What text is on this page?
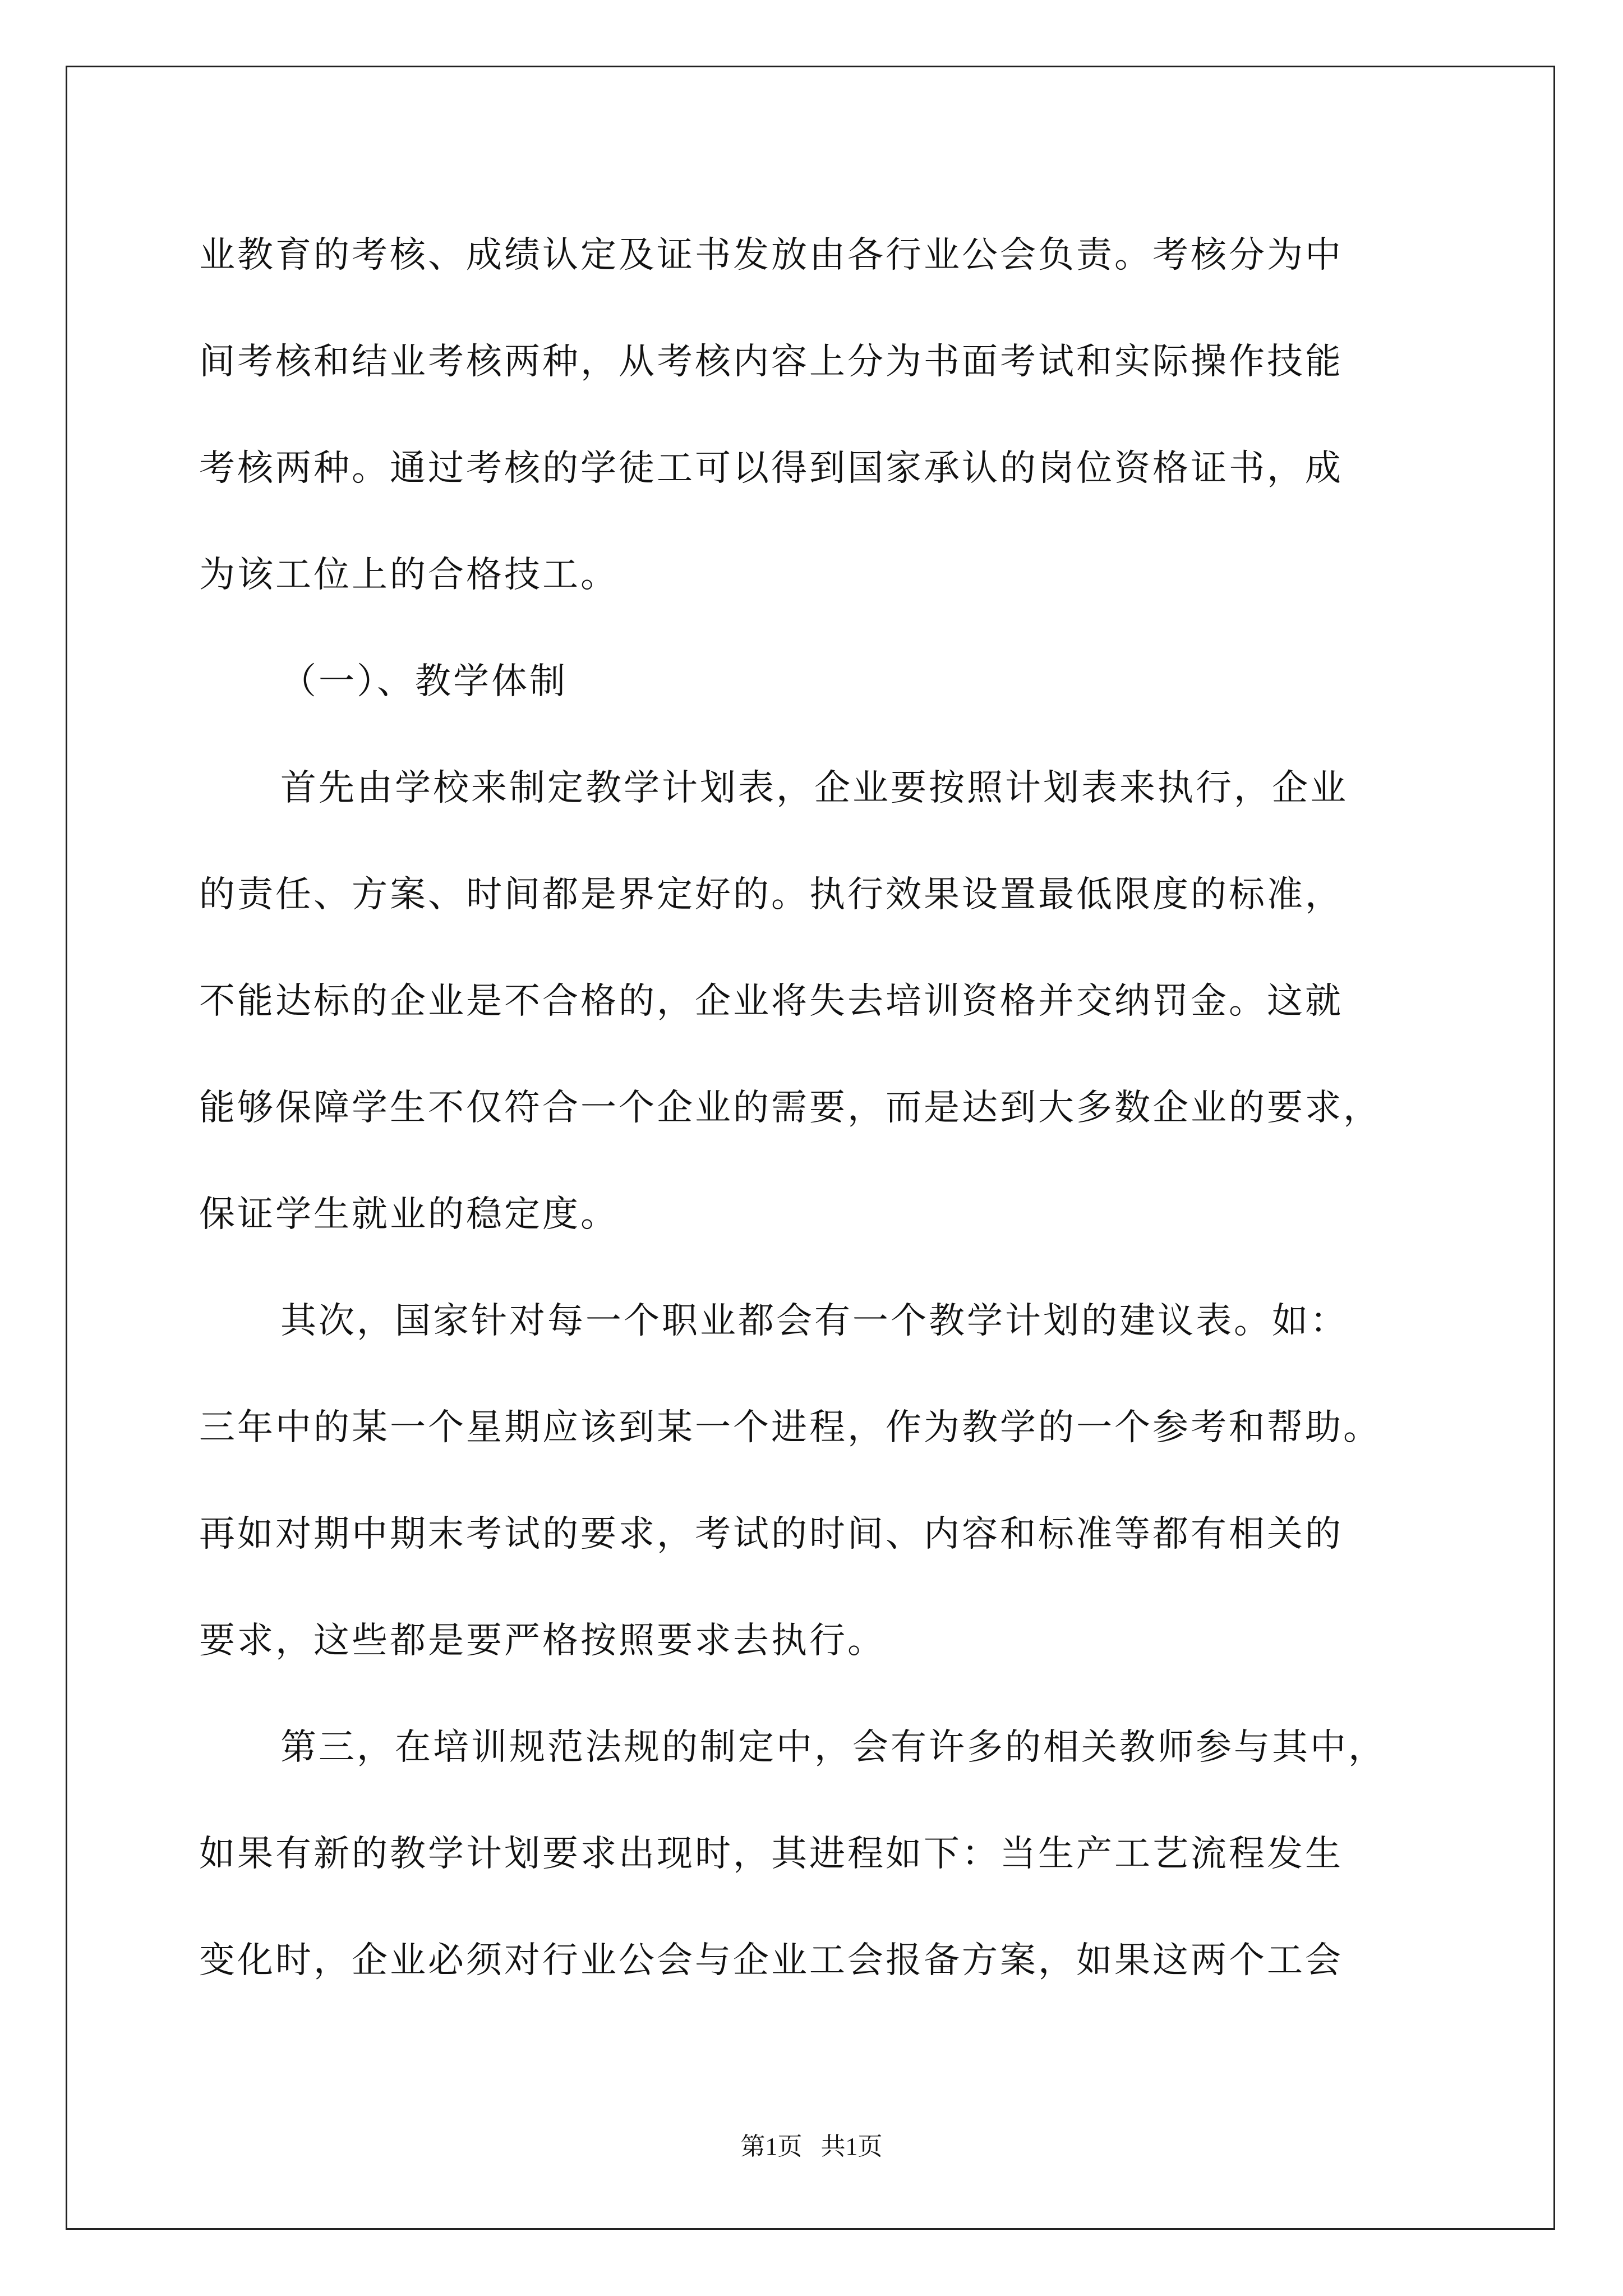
业教育的考核、成绩认定及证书发放由各行业公会负责。考核分为中
间考核和结业考核两种，从考核内容上分为书面考试和实际操作技能
考核两种。通过考核的学徒工可以得到国家承认的岗位资格证书，成
为该工位上的合格技工。
（一）、教学体制
首先由学校来制定教学计划表，企业要按照计划表来执行，企业
的责任、方案、时间都是界定好的。执行效果设置最低限度的标准，
不能达标的企业是不合格的，企业将失去培训资格并交纳罚金。这就
能够保障学生不仅符合一个企业的需要，而是达到大多数企业的要求，
保证学生就业的稳定度。
其次，国家针对每一个职业都会有一个教学计划的建议表。如：
三年中的某一个星期应该到某一个进程，作为教学的一个参考和帮助。
再如对期中期末考试的要求，考试的时间、内容和标准等都有相关的
要求，这些都是要严格按照要求去执行。
第三，在培训规范法规的制定中，会有许多的相关教师参与其中，
如果有新的教学计划要求出现时，其进程如下：当生产工艺流程发生
变化时，企业必须对行业公会与企业工会报备方案，如果这两个工会
第1页   共1页
